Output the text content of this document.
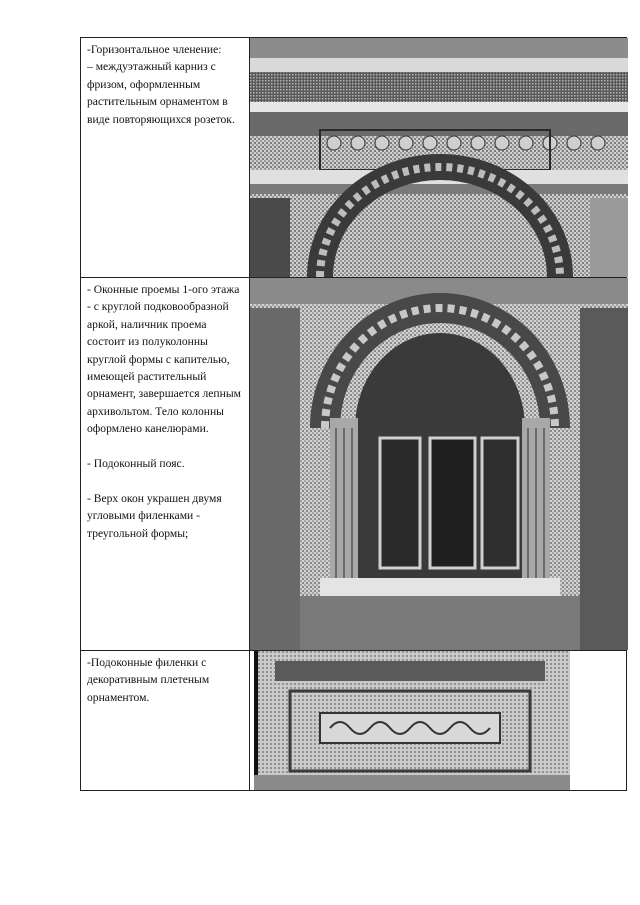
-Горизонтальное членение:
– междуэтажный карниз с фризом, оформленным растительным орнаментом в виде повторяющихся розеток.

- Оконные проемы 1-ого этажа - с круглой подковообразной аркой, наличник проема состоит из полуколонны круглой формы с капителью, имеющей растительный орнамент, завершается лепным архивольтом. Тело колонны оформлено канелюрами.

- Подоконный пояс.

- Верх окон украшен двумя угловыми филенками - треугольной формы;

-Подоконные филенки с декоративным плетеным орнаментом.
